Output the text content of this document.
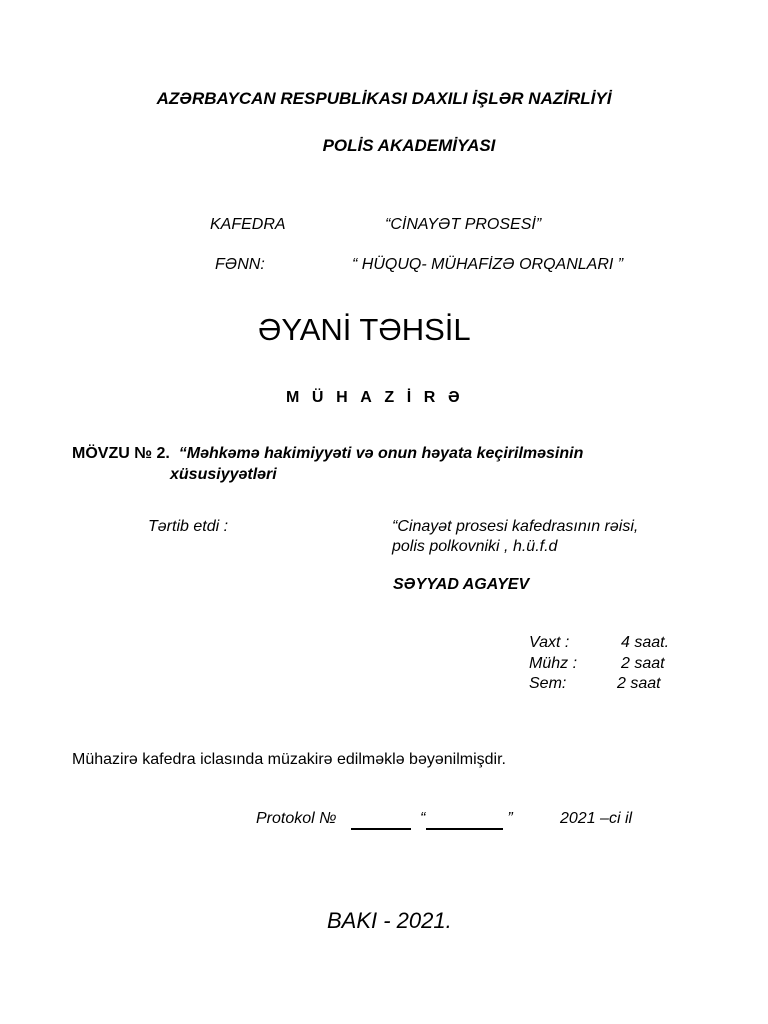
AZƏRBAYCAN RESPUBLİKASI DAXILI İŞLƏR NAZİRLİYİ
POLİS AKADEMİYASI
KAFEDRA	“CİNAYƏT PROSESİ”
FƏNN:	“ HÜQUQ- MÜHAFİZƏ ORQANLARI ”
ƏYANİ TƏHSİL
MÜHAZİRƏ
MÖVZU № 2. “Məhkəmə hakimiyyəti və onun həyata keçirilməsinin
xüsusiyyətləri
Tərtib etdi :	“Cinayət prosesi kafedrasının rəisi,
polis polkovniki , h.ü.f.d
SƏYYAD AGAYEV
Vaxt :	4 saat.
Mühz :	2 saat
Sem:	2 saat
Mühazirə kafedra iclasında müzakirə edilməklə bəyənilmişdir.
Protokol №	“	”	2021 –ci il
BAKI - 2021.
